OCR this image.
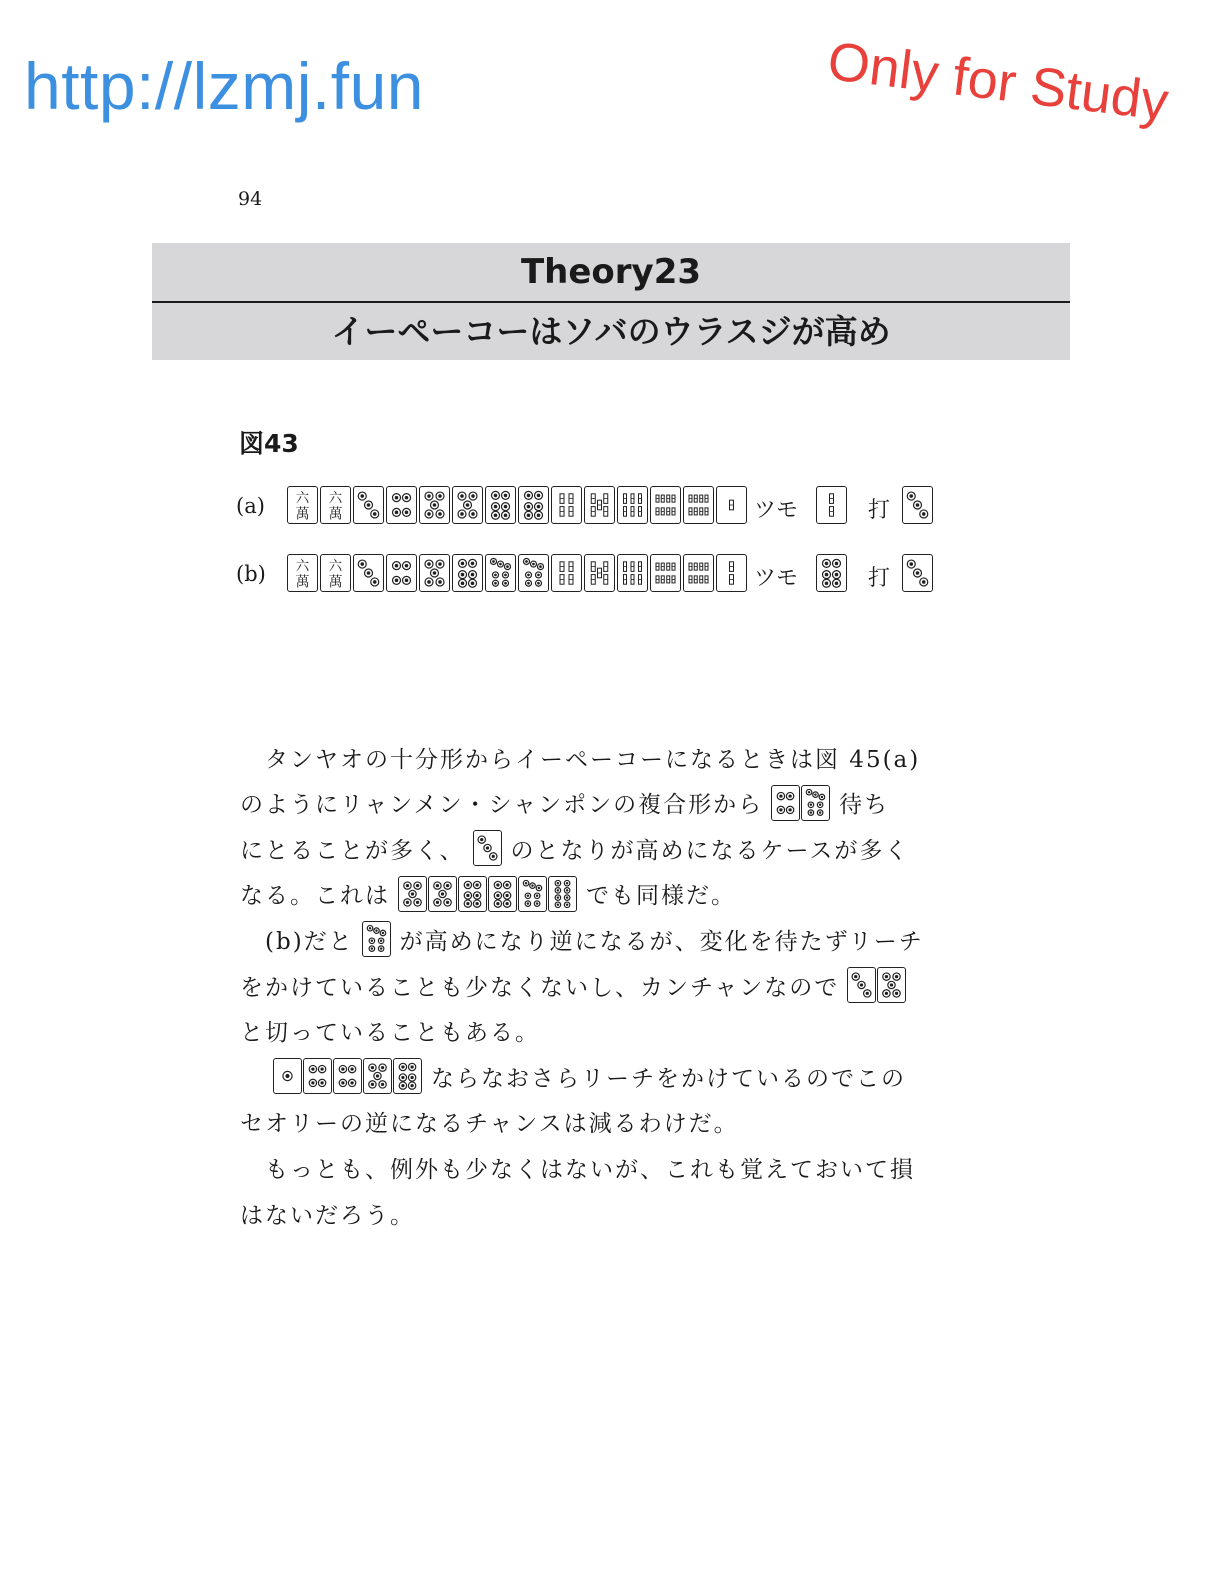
http://lzmj.fun	Only for Study
94
Theory23
イーペーコーはソバのウラスジが高め
図43
(a) 六
萬
六
萬	ツモ	打
(b) 六
萬
六
萬	ツモ	打
　タンヤオの十分形からイーペーコーになるときは図 45(a)
のようにリャンメン・シャンポンの複合形から	待ち
にとることが多く、 のとなりが高めになるケースが多く
なる。これは	でも同様だ。
　(b)だと が高めになり逆になるが、変化を待たずリーチ
をかけていることも少なくないし、カンチャンなので
と切っていることもある。

ならなおさらリーチをかけているのでこの
セオリーの逆になるチャンスは減るわけだ。
　もっとも、例外も少なくはないが、これも覚えておいて損
はないだろう。
